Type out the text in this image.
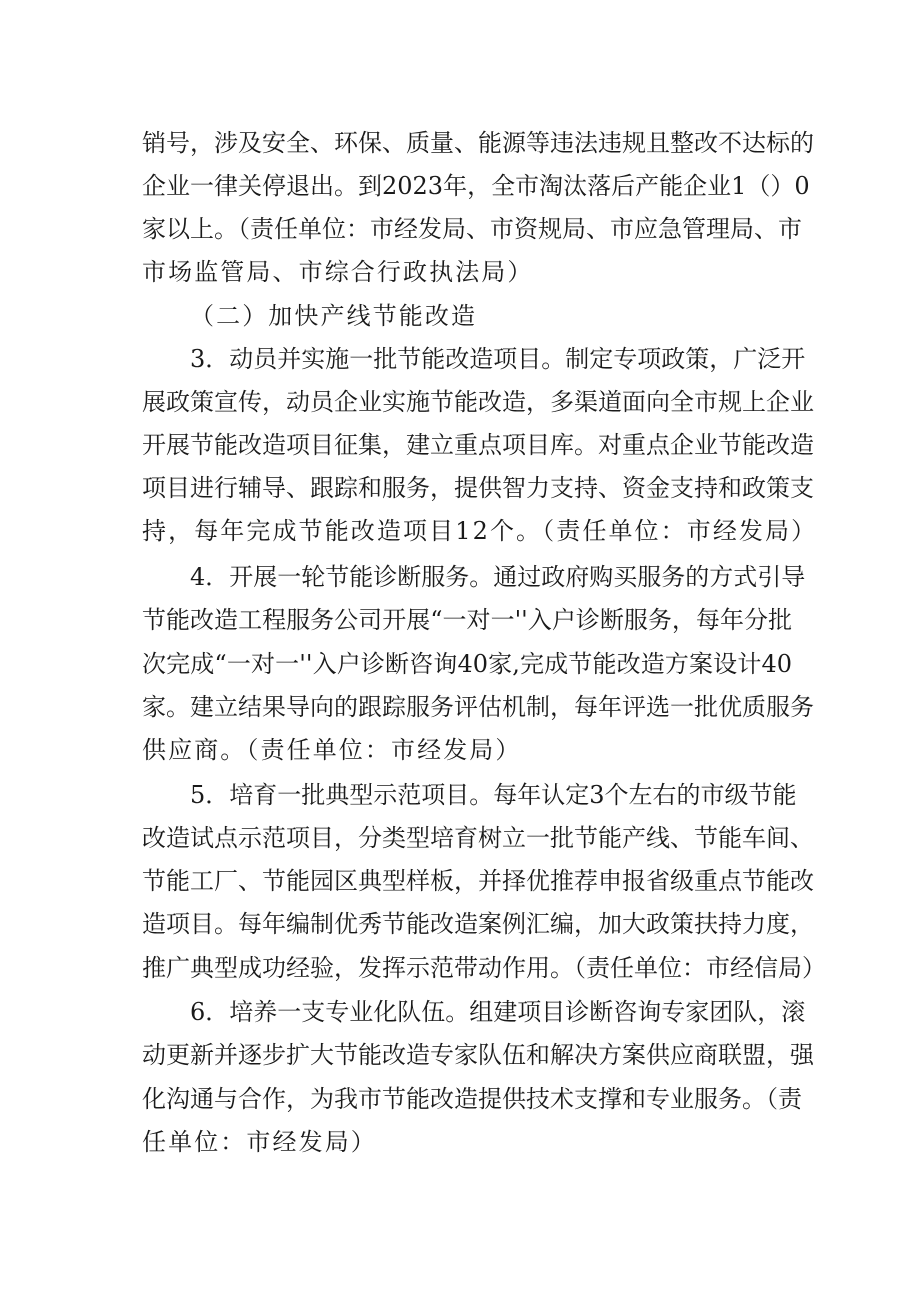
销号，涉及安全、环保、质量、能源等违法违规且整改不达标的
企业一律关停退出。到2023年，全市淘汰落后产能企业1（）0
家以上。（责任单位：市经发局、市资规局、市应急管理局、市
市场监管局、市综合行政执法局）
（二）加快产线节能改造
3．动员并实施一批节能改造项目。制定专项政策，广泛开
展政策宣传，动员企业实施节能改造，多渠道面向全市规上企业
开展节能改造项目征集，建立重点项目库。对重点企业节能改造
项目进行辅导、跟踪和服务，提供智力支持、资金支持和政策支
持，每年完成节能改造项目12个。（责任单位：市经发局）
4．开展一轮节能诊断服务。通过政府购买服务的方式引导
节能改造工程服务公司开展“一对一''入户诊断服务，每年分批
次完成“一对一''入户诊断咨询40家,完成节能改造方案设计40
家。建立结果导向的跟踪服务评估机制，每年评选一批优质服务
供应商。（责任单位：市经发局）
5．培育一批典型示范项目。每年认定3个左右的市级节能
改造试点示范项目，分类型培育树立一批节能产线、节能车间、
节能工厂、节能园区典型样板，并择优推荐申报省级重点节能改
造项目。每年编制优秀节能改造案例汇编，加大政策扶持力度，
推广典型成功经验，发挥示范带动作用。（责任单位：市经信局）
6．培养一支专业化队伍。组建项目诊断咨询专家团队，滚
动更新并逐步扩大节能改造专家队伍和解决方案供应商联盟，强
化沟通与合作，为我市节能改造提供技术支撑和专业服务。（责
任单位：市经发局）
